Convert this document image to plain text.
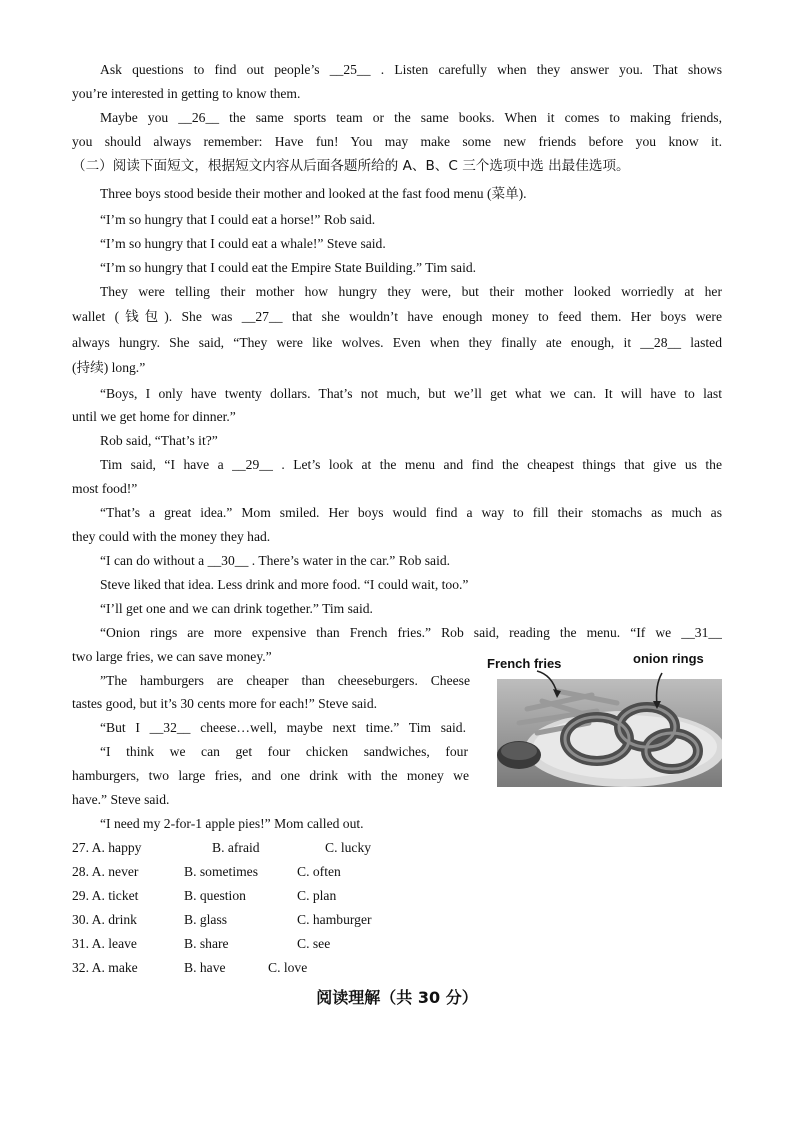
Ask questions to find out people’s __25__ . Listen carefully when they answer you. That shows
you’re interested in getting to know them.
Maybe you __26__ the same sports team or the same books. When it comes to making friends,
you should always remember: Have fun! You may make some new friends before you know it.
（二）阅读下面短文，根据短文内容从后面各题所给的 A、B、C 三个选项中选 出最佳选项。
Three boys stood beside their mother and looked at the fast food menu (菜单).
“I’m so hungry that I could eat a horse!” Rob said.
“I’m so hungry that I could eat a whale!” Steve said.
“I’m so hungry that I could eat the Empire State Building.” Tim said.
They were telling their mother how hungry they were, but their mother looked worriedly at her
wallet (钱包). She was __27__ that she wouldn’t have enough money to feed them. Her boys were
always hungry. She said, “They were like wolves. Even when they finally ate enough, it __28__ lasted
(持续) long.”
“Boys, I only have twenty dollars. That’s not much, but we’ll get what we can. It will have to last
until we get home for dinner.”
Rob said, “That’s it?”
Tim said, “I have a __29__ . Let’s look at the menu and find the cheapest things that give us the
most food!”
“That’s a great idea.” Mom smiled. Her boys would find a way to fill their stomachs as much as
they could with the money they had.
“I can do without a __30__ . There’s water in the car.” Rob said.
Steve liked that idea. Less drink and more food. “I could wait, too.”
“I’ll get one and we can drink together.” Tim said.
“Onion rings are more expensive than French fries.” Rob said, reading the menu. “If we __31__
two large fries, we can save money.”
”The hamburgers are cheaper than cheeseburgers. Cheese
tastes good, but it’s 30 cents more for each!” Steve said.
“But I __32__ cheese…well, maybe next time.” Tim said.
“I think we can get four chicken sandwiches, four
hamburgers, two large fries, and one drink with the money we
have.” Steve said.
“I need my 2-for-1 apple pies!” Mom called out.
French fries	onion rings
27. A. happy	B. afraid	C. lucky
28. A. never	B. sometimes	C. often
29. A. ticket	B. question	C. plan
30. A. drink	B. glass	C. hamburger
31. A. leave	B. share	C. see
32. A. make	B. have	C. love
阅读理解（共 30 分）
